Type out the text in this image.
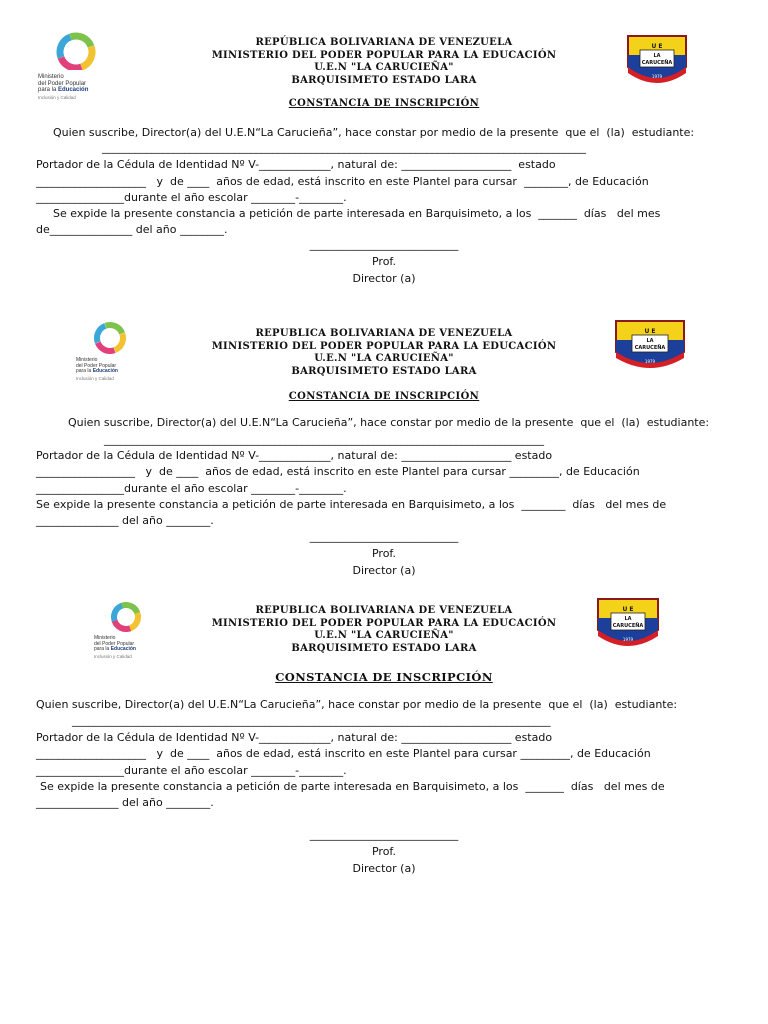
Ministerio
del Poder Popular
para la Educación
Inclusión y Calidad
REPÚBLICA BOLIVARIANA DE VENEZUELA
MINISTERIO DEL PODER POPULAR PARA LA EDUCACIÓN
U.E.N "LA CARUCIEÑA"
BARQUISIMETO ESTADO LARA
U E
LA
CARUCEÑA
1979
CONSTANCIA DE INSCRIPCIÓN
Quien suscribe, Director(a) del U.E.N“La Carucieña”, hace constar por medio de la presente  que el  (la)  estudiante:
________________________________________________________________________________________
Portador de la Cédula de Identidad Nº V-_____________, natural de: ____________________  estado
____________________   y  de ____  años de edad, está inscrito en este Plantel para cursar  ________, de Educación
________________durante el año escolar ________-________.
Se expide la presente constancia a petición de parte interesada en Barquisimeto, a los  _______  días   del mes
de_______________ del año ________.
___________________________
Prof.
Director (a)
Ministerio
del Poder Popular
para la Educación
Inclusión y Calidad
REPUBLICA BOLIVARIANA DE VENEZUELA
MINISTERIO DEL PODER POPULAR PARA LA EDUCACIÓN
U.E.N "LA CARUCIEÑA"
BARQUISIMETO ESTADO LARA
U E
LA
CARUCEÑA
1979
CONSTANCIA DE INSCRIPCIÓN
Quien suscribe, Director(a) del U.E.N“La Carucieña”, hace constar por medio de la presente  que el  (la)  estudiante:
________________________________________________________________________________
Portador de la Cédula de Identidad Nº V-_____________, natural de: ____________________ estado
__________________   y  de ____  años de edad, está inscrito en este Plantel para cursar _________, de Educación
________________durante el año escolar ________-________.
Se expide la presente constancia a petición de parte interesada en Barquisimeto, a los  ________  días   del mes de
_______________ del año ________.
___________________________
Prof.
Director (a)
Ministerio
del Poder Popular
para la Educación
Inclusión y Calidad
REPUBLICA BOLIVARIANA DE VENEZUELA
MINISTERIO DEL PODER POPULAR PARA LA EDUCACIÓN
U.E.N "LA CARUCIEÑA"
BARQUISIMETO ESTADO LARA
U E
LA
CARUCEÑA
1979
CONSTANCIA DE INSCRIPCIÓN
Quien suscribe, Director(a) del U.E.N“La Carucieña”, hace constar por medio de la presente  que el  (la)  estudiante:
_______________________________________________________________________________________
Portador de la Cédula de Identidad Nº V-_____________, natural de: ____________________ estado
____________________   y  de ____  años de edad, está inscrito en este Plantel para cursar _________, de Educación
________________durante el año escolar ________-________.
Se expide la presente constancia a petición de parte interesada en Barquisimeto, a los  _______  días   del mes de
_______________ del año ________.
___________________________
Prof.
Director (a)
